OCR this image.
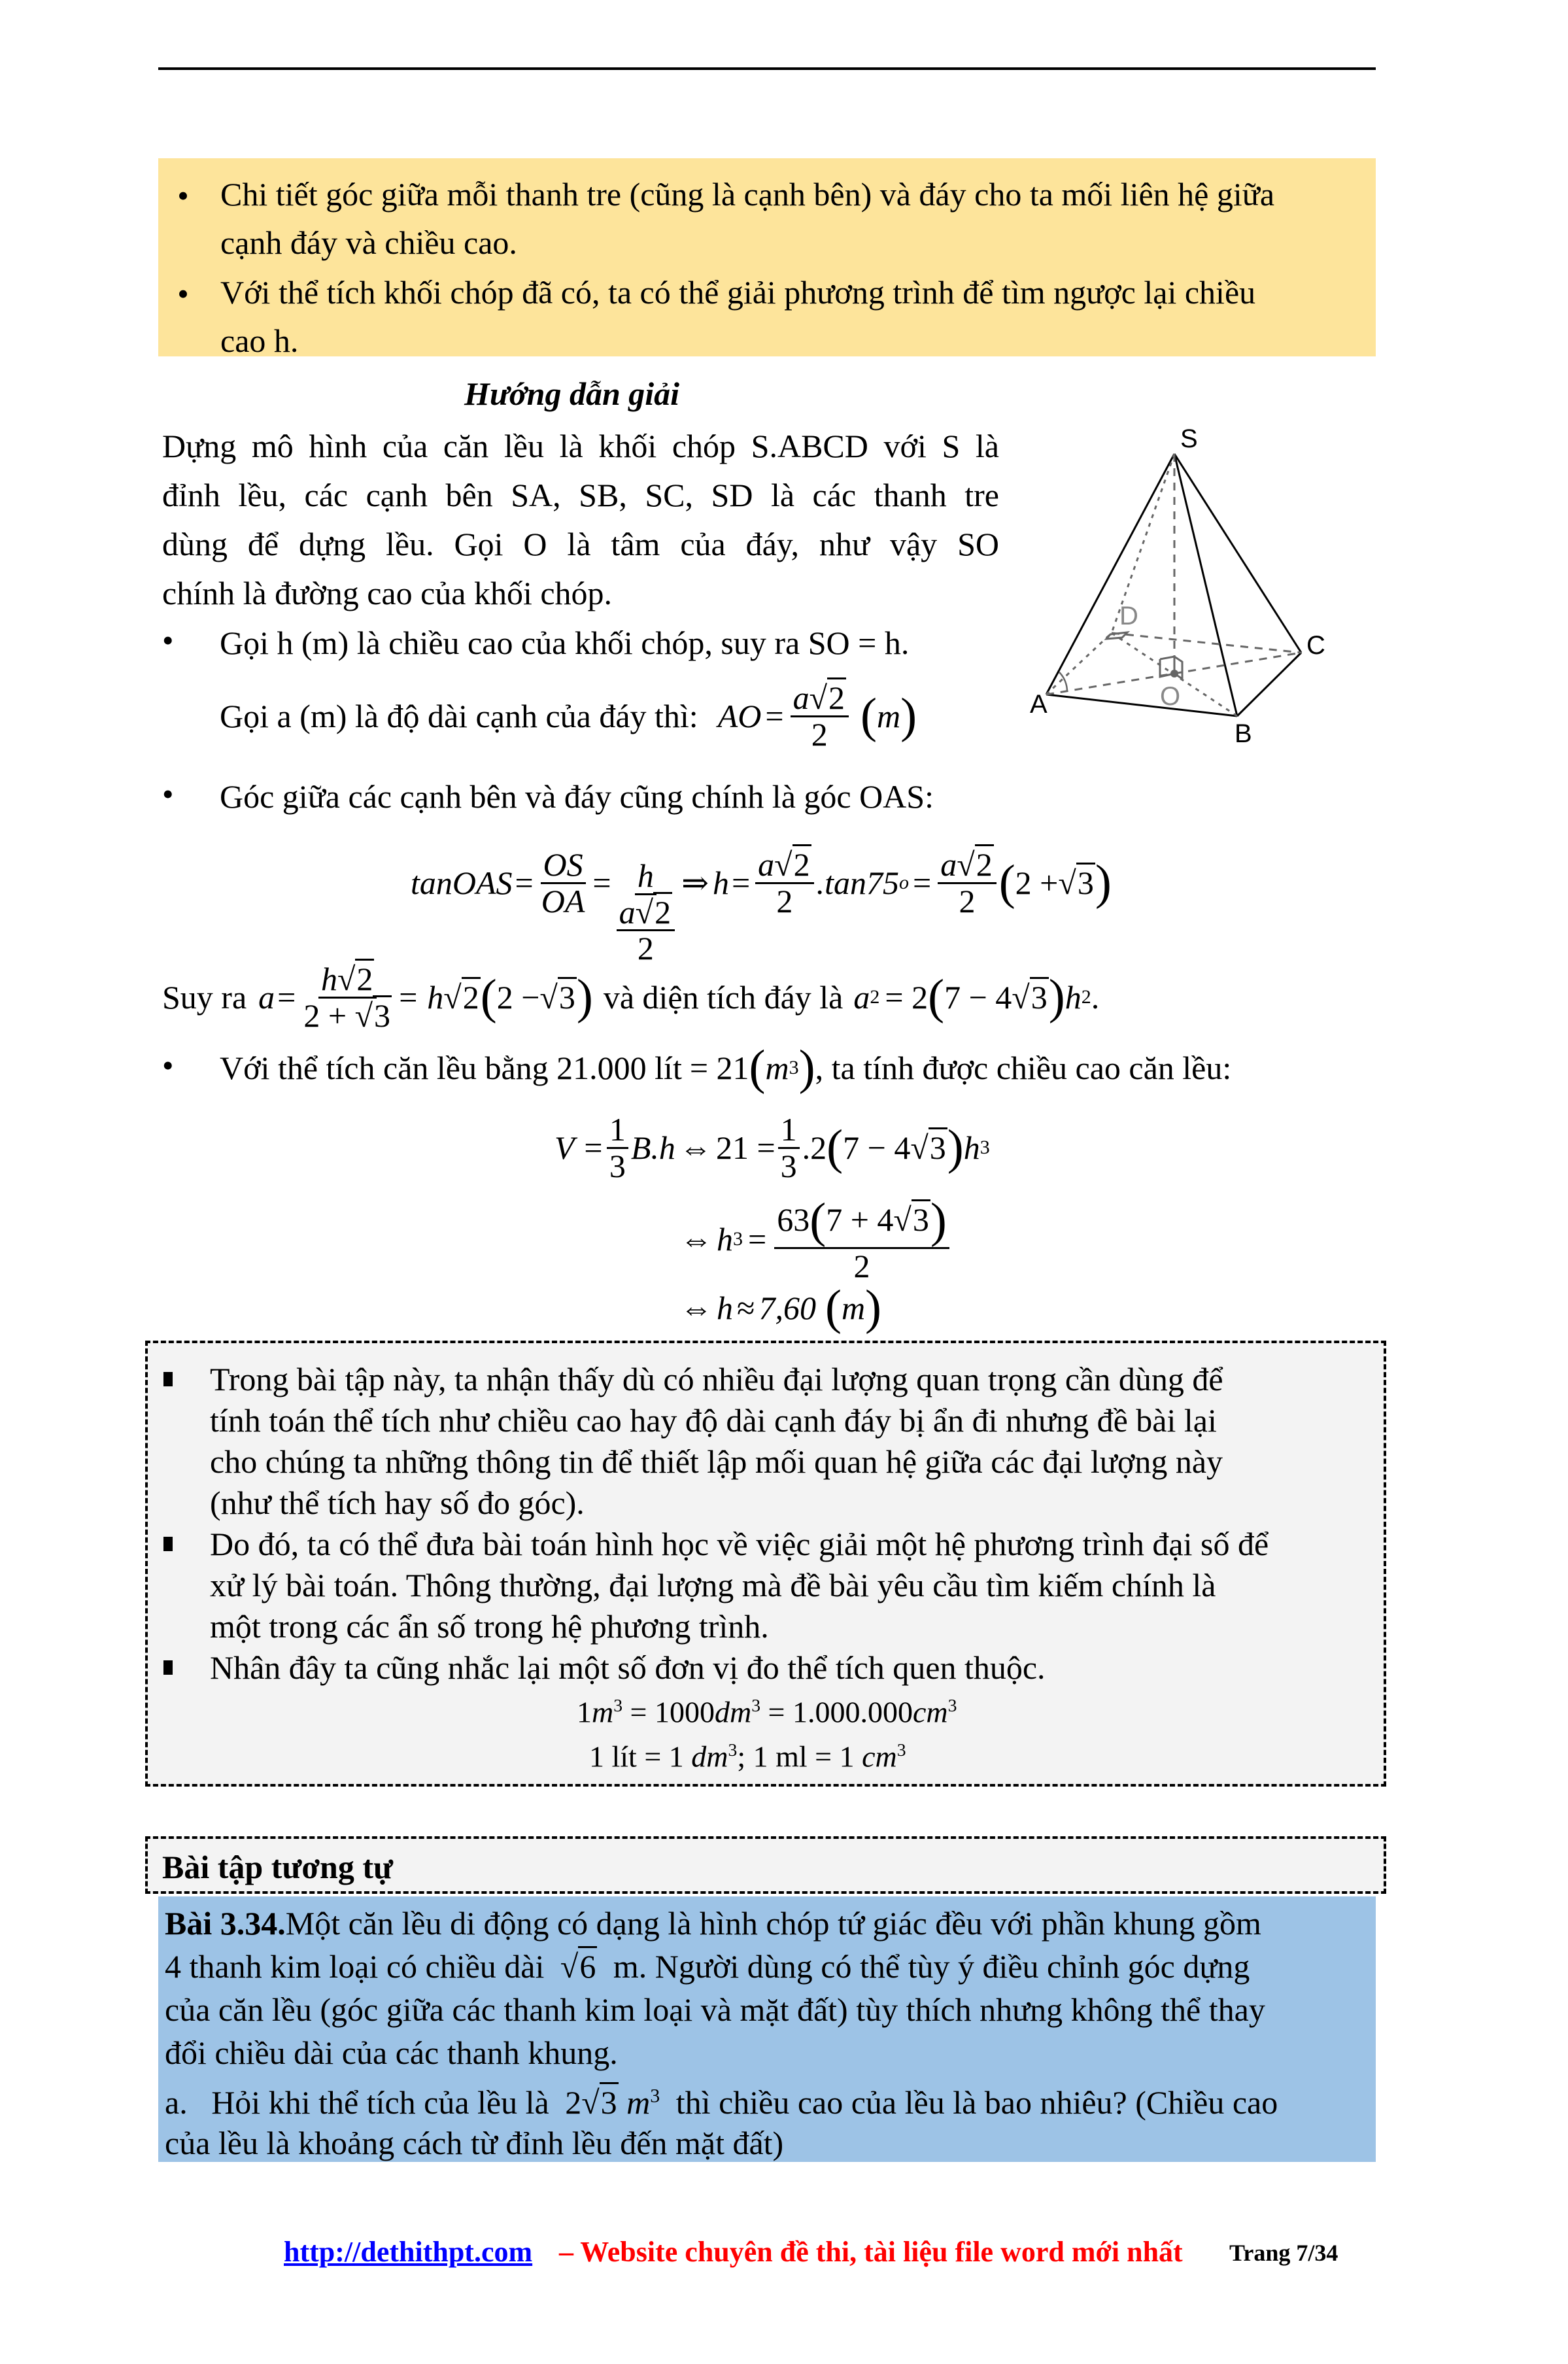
• Chi tiết góc giữa mỗi thanh tre (cũng là cạnh bên) và đáy cho ta mối liên hệ giữa
cạnh đáy và chiều cao.
• Với thể tích khối chóp đã có, ta có thể giải phương trình để tìm ngược lại chiều
cao h.
Hướng dẫn giải
Dựng mô hình của căn lều là khối chóp S.ABCD với S là
đỉnh lều, các cạnh bên SA, SB, SC, SD là các thanh tre
dùng để dựng lều. Gọi O là tâm của đáy, như vậy SO
chính là đường cao của khối chóp.
• Gọi h (m) là chiều cao của khối chóp, suy ra SO = h.
Gọi a (m) là độ dài cạnh của đáy thì: AO = $\frac{a√2}{2}$ ( m )
• Góc giữa các cạnh bên và đáy cũng chính là góc OAS:
tanOAS = $\frac{OS}{OA} = h$
a√2
2
⇒ $h = \frac{a√2}{2} .\tan 75$ $o = \frac{a√2}{2}$ ( 2 + √3 )
Suy ra $a = \frac{h√2}{2 + √3} = h$ √2 ( 2 − √3 ) và diện tích đáy là a 2 = 2 ( 7 − 4 √3 ) h 2 .
• Với thể tích căn lều bằng 21.000 lít = 21 ( m 3 ) , ta tính được chiều cao căn lều:
$V = \frac{1}{3} B.h$ ⇔ $21 = \frac{1}{3} .2$ ( 7 − 4 √3 ) h 3
⇔ h $3 = \frac{63(7 + 4√3)}{2}$
⇔ h ≈ 7,60 ( m )
S
A
B
C
D
O
Trong bài tập này, ta nhận thấy dù có nhiều đại lượng quan trọng cần dùng để
tính toán thể tích như chiều cao hay độ dài cạnh đáy bị ẩn đi nhưng đề bài lại
cho chúng ta những thông tin để thiết lập mối quan hệ giữa các đại lượng này
(như thể tích hay số đo góc).
Do đó, ta có thể đưa bài toán hình học về việc giải một hệ phương trình đại số để
xử lý bài toán. Thông thường, đại lượng mà đề bài yêu cầu tìm kiếm chính là
một trong các ẩn số trong hệ phương trình.
Nhân đây ta cũng nhắc lại một số đơn vị đo thể tích quen thuộc.
$1m^3 = 1000dm^3 = 1.000.000cm^3$
1 lít = 1 $dm^3$; 1 ml = 1 $cm^3$
Bài tập tương tự
Bài 3.34.Một căn lều di động có dạng là hình chóp tứ giác đều với phần khung gồm
4 thanh kim loại có chiều dài √6 m. Người dùng có thể tùy ý điều chỉnh góc dựng
của căn lều (góc giữa các thanh kim loại và mặt đất) tùy thích nhưng không thể thay
đổi chiều dài của các thanh khung.
a. Hỏi khi thể tích của lều là 2√3 $m^3$ thì chiều cao của lều là bao nhiêu? (Chiều cao
của lều là khoảng cách từ đỉnh lều đến mặt đất)
http://dethithpt.com – Website chuyên đề thi, tài liệu file word mới nhất Trang 7/34
